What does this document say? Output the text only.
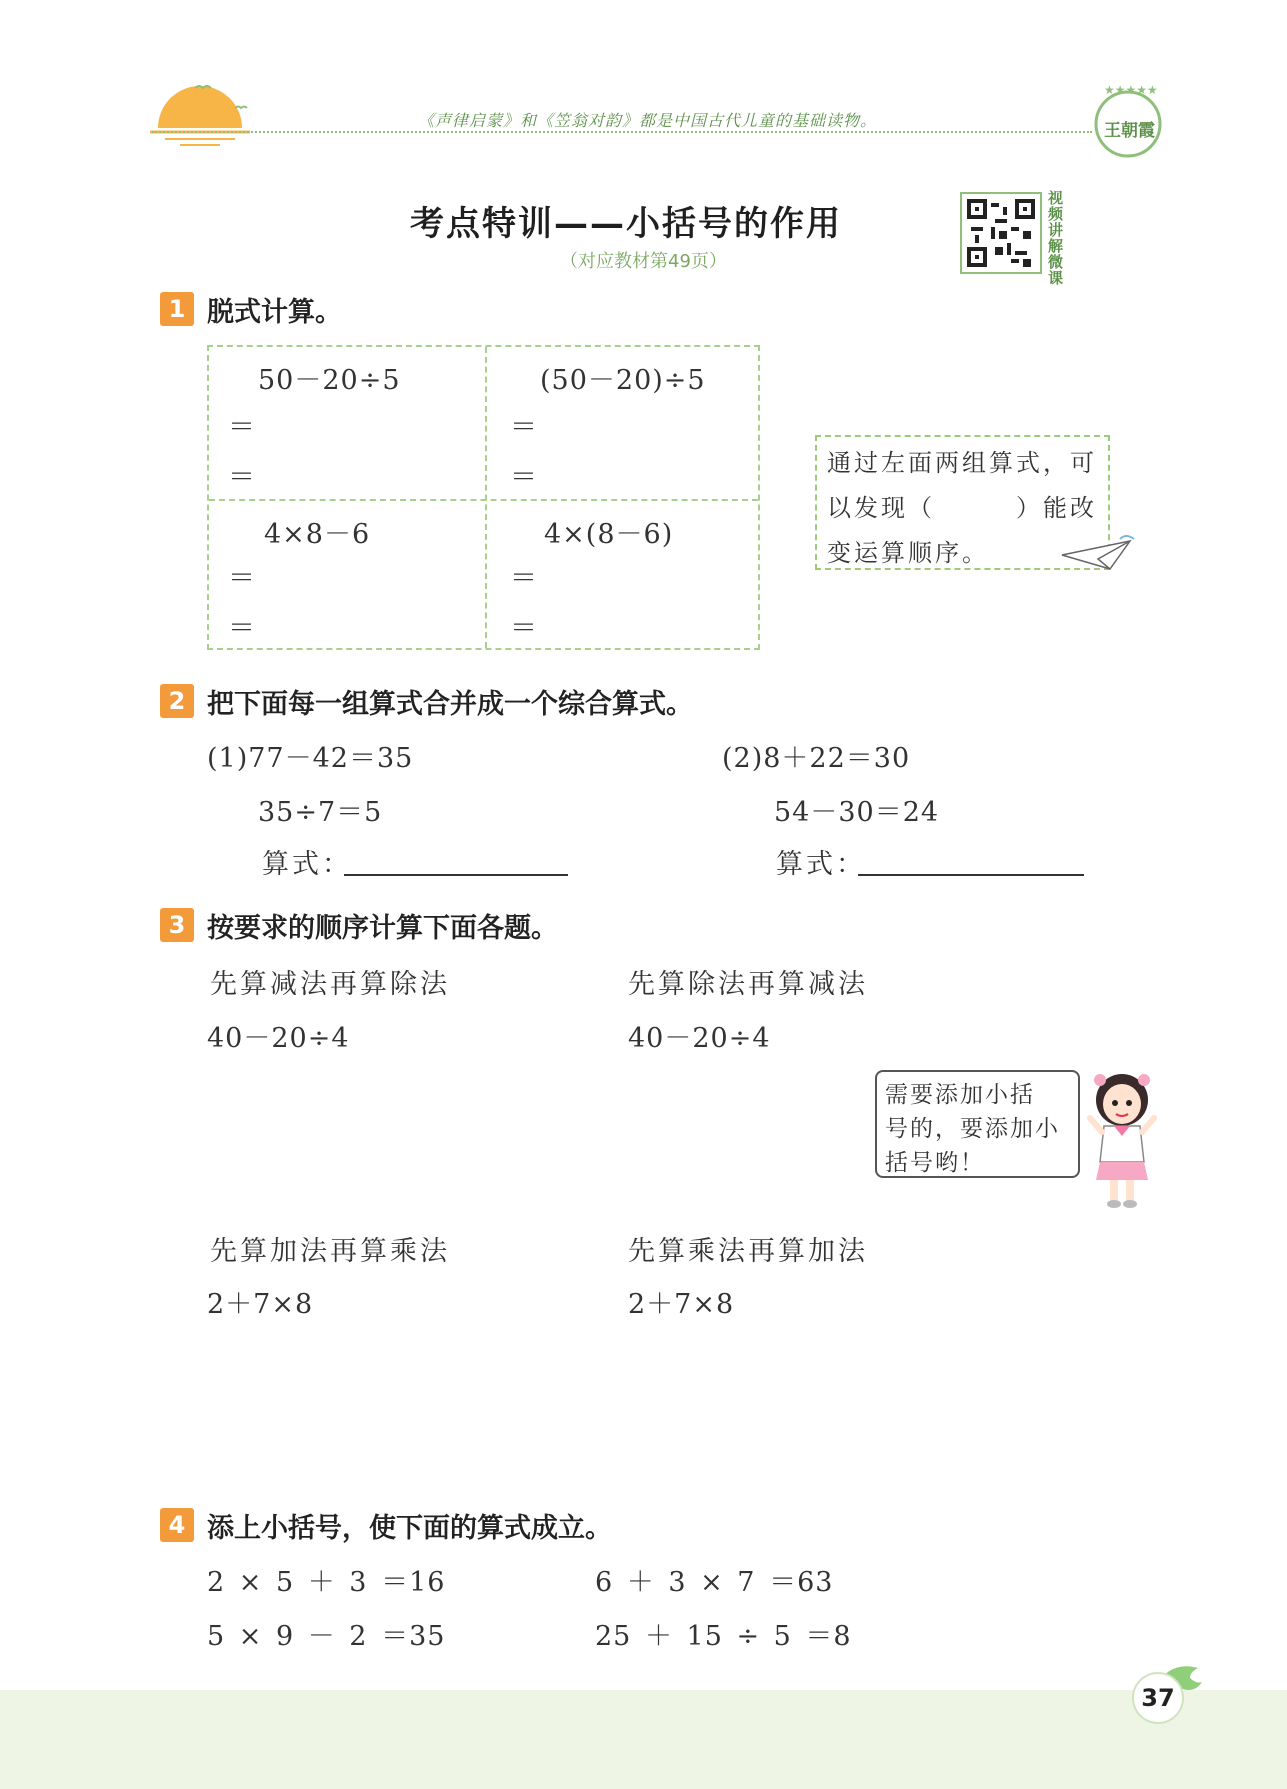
《声律启蒙》和《笠翁对韵》都是中国古代儿童的基础读物。
★★★★★
王朝霞
考点特训——小括号的作用
（对应教材第49页）
视频讲解微课
1 脱式计算。
50－20÷5
＝
＝
(50－20)÷5
＝
＝
4×8－6
＝
＝
4×(8－6)
＝
＝
通过左面两组算式，可
以发现（　　　）能改
变运算顺序。
2 把下面每一组算式合并成一个综合算式。
(1)77－42＝35
35÷7＝5
算式：
(2)8＋22＝30
54－30＝24
算式：
3 按要求的顺序计算下面各题。
先算减法再算除法
40－20÷4
先算除法再算减法
40－20÷4
需要添加小括
号的，要添加小
括号哟！
先算加法再算乘法
2＋7×8
先算乘法再算加法
2＋7×8
4 添上小括号，使下面的算式成立。
2 × 5 ＋ 3 ＝16	6 ＋ 3 × 7 ＝63
5 × 9 － 2 ＝35	25 ＋ 15 ÷ 5 ＝8
37
